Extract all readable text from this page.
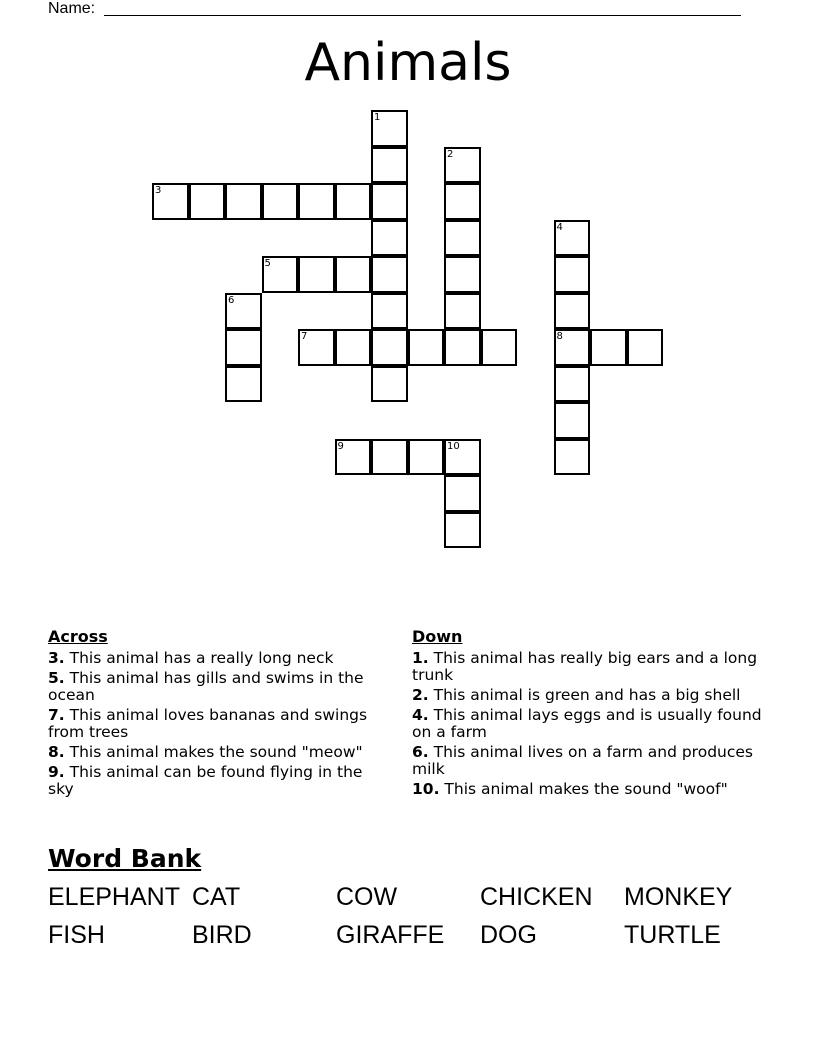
Name:
Animals
1
2
3
4
8
5
6
7
9	10
Across
3. This animal has a really long neck
5. This animal has gills and swims in the ocean
7. This animal loves bananas and swings from trees
8. This animal makes the sound "meow"
9. This animal can be found flying in the sky
Down
1. This animal has really big ears and a long trunk
2. This animal is green and has a big shell
4. This animal lays eggs and is usually found on a farm
6. This animal lives on a farm and produces milk
10. This animal makes the sound "woof"
Word Bank
ELEPHANT CAT	COW	CHICKEN	MONKEY
FISH	BIRD	GIRAFFE	DOG	TURTLE
